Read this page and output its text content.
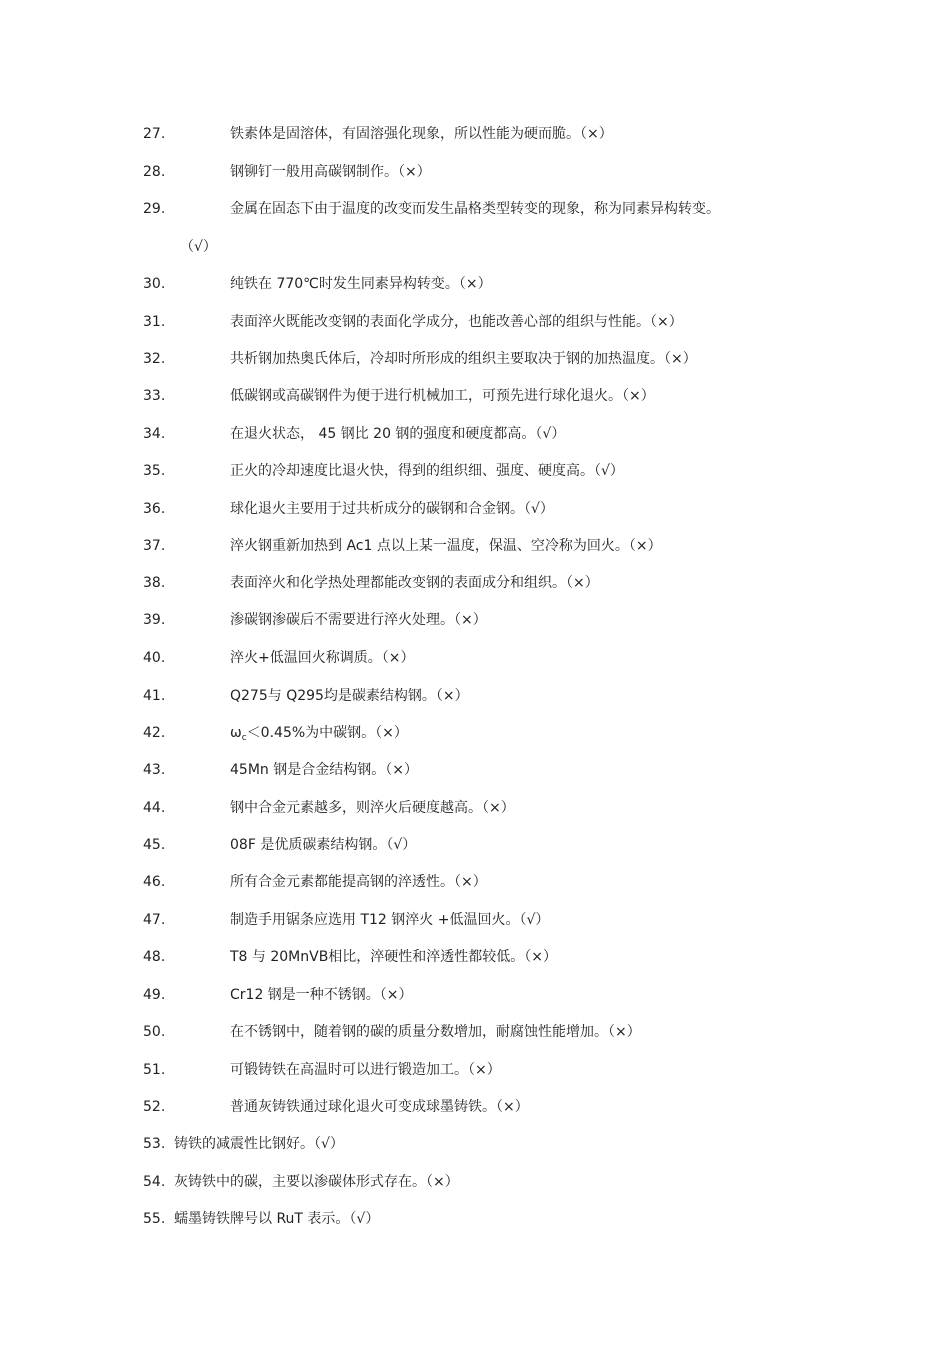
27.	铁素体是固溶体，有固溶强化现象，所以性能为硬而脆。（×）
28.	钢铆钉一般用高碳钢制作。（×）
29.	金属在固态下由于温度的改变而发生晶格类型转变的现象，称为同素异构转变。
（√）
30.	纯铁在 770℃时发生同素异构转变。（×）
31.	表面淬火既能改变钢的表面化学成分，也能改善心部的组织与性能。（×）
32.	共析钢加热奥氏体后，冷却时所形成的组织主要取决于钢的加热温度。（×）
33.	低碳钢或高碳钢件为便于进行机械加工，可预先进行球化退火。（×）
34.	在退火状态， 45 钢比 20 钢的强度和硬度都高。（√）
35.	正火的冷却速度比退火快，得到的组织细、强度、硬度高。（√）
36.	球化退火主要用于过共析成分的碳钢和合金钢。（√）
37.	淬火钢重新加热到 Ac1 点以上某一温度，保温、空冷称为回火。（×）
38.	表面淬火和化学热处理都能改变钢的表面成分和组织。（×）
39.	渗碳钢渗碳后不需要进行淬火处理。（×）
40.	淬火+低温回火称调质。（×）
41.	Q275与 Q295均是碳素结构钢。（×）
42.	$\omega_c<0.45\%$为中碳钢。（×）
43.	45Mn 钢是合金结构钢。（×）
44.	钢中合金元素越多，则淬火后硬度越高。（×）
45.	08F 是优质碳素结构钢。（√）
46.	所有合金元素都能提高钢的淬透性。（×）
47.	制造手用锯条应选用 T12 钢淬火 +低温回火。（√）
48.	T8 与 20MnVB相比，淬硬性和淬透性都较低。（×）
49.	Cr12 钢是一种不锈钢。（×）
50.	在不锈钢中，随着钢的碳的质量分数增加，耐腐蚀性能增加。（×）
51.	可锻铸铁在高温时可以进行锻造加工。（×）
52.	普通灰铸铁通过球化退火可变成球墨铸铁。（×）
53. 铸铁的减震性比钢好。（√）
54. 灰铸铁中的碳，主要以渗碳体形式存在。（×）
55. 蠕墨铸铁牌号以 RuT 表示。（√）
